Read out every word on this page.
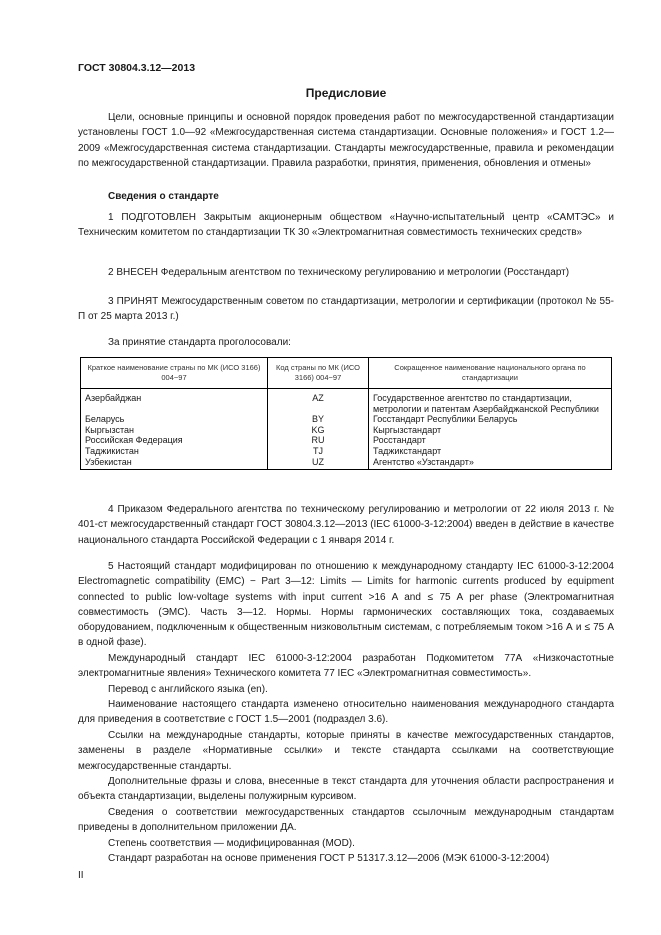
ГОСТ 30804.3.12—2013
Предисловие

Цели, основные принципы и основной порядок проведения работ по межгосударственной стандартизации установлены ГОСТ 1.0—92 «Межгосударственная система стандартизации. Основные положения» и ГОСТ 1.2—2009 «Межгосударственная система стандартизации. Стандарты межгосударственные, правила и рекомендации по межгосударственной стандартизации. Правила разработки, принятия, применения, обновления и отмены»

Сведения о стандарте

1 ПОДГОТОВЛЕН Закрытым акционерным обществом «Научно-испытательный центр «САМТЭС» и Техническим комитетом по стандартизации ТК 30 «Электромагнитная совместимость технических средств»

2 ВНЕСЕН Федеральным агентством по техническому регулированию и метрологии (Росстандарт)

3 ПРИНЯТ Межгосударственным советом по стандартизации, метрологии и сертификации (протокол № 55-П от 25 марта 2013 г.)

За принятие стандарта проголосовали:

Краткое наименование страны по МК (ИСО 3166) 004−97	Код страны по МК (ИСО 3166) 004−97	Сокращенное наименование национального органа по стандартизации

Азербайджан	AZ	Государственное агентство по стандартизации, метрологии и патентам Азербайджанской Республики
Беларусь	BY	Госстандарт Республики Беларусь
Кыргызстан	KG	Кыргызстандарт
Российская Федерация	RU	Росстандарт
Таджикистан	TJ	Таджикстандарт
Узбекистан	UZ	Агентство «Узстандарт»

4 Приказом Федерального агентства по техническому регулированию и метрологии от 22 июля 2013 г. № 401-ст межгосударственный стандарт ГОСТ 30804.3.12—2013 (IEC 61000-3-12:2004) введен в действие в качестве национального стандарта Российской Федерации с 1 января 2014 г.

5 Настоящий стандарт модифицирован по отношению к международному стандарту IEC 61000-3-12:2004 Electromagnetic compatibility (EMC) − Part 3—12: Limits — Limits for harmonic currents produced by equipment connected to public low-voltage systems with input current >16 A and ≤ 75 A per phase (Электромагнитная совместимость (ЭМС). Часть 3—12. Нормы. Нормы гармонических составляющих тока, создаваемых оборудованием, подключенным к общественным низковольтным системам, с потребляемым током >16 А и ≤ 75 А в одной фазе).

Международный стандарт IEC 61000-3-12:2004 разработан Подкомитетом 77А «Низкочастотные электромагнитные явления» Технического комитета 77 IEC «Электромагнитная совместимость».

Перевод с английского языка (en).

Наименование настоящего стандарта изменено относительно наименования международного стандарта для приведения в соответствие с ГОСТ 1.5—2001 (подраздел 3.6).

Ссылки на международные стандарты, которые приняты в качестве межгосударственных стандартов, заменены в разделе «Нормативные ссылки» и тексте стандарта ссылками на соответствующие межгосударственные стандарты.

Дополнительные фразы и слова, внесенные в текст стандарта для уточнения области распространения и объекта стандартизации, выделены полужирным курсивом.

Сведения о соответствии межгосударственных стандартов ссылочным международным стандартам приведены в дополнительном приложении ДА.

Степень соответствия — модифицированная (MOD).

Стандарт разработан на основе применения ГОСТ Р 51317.3.12—2006 (МЭК 61000-3-12:2004)

II
